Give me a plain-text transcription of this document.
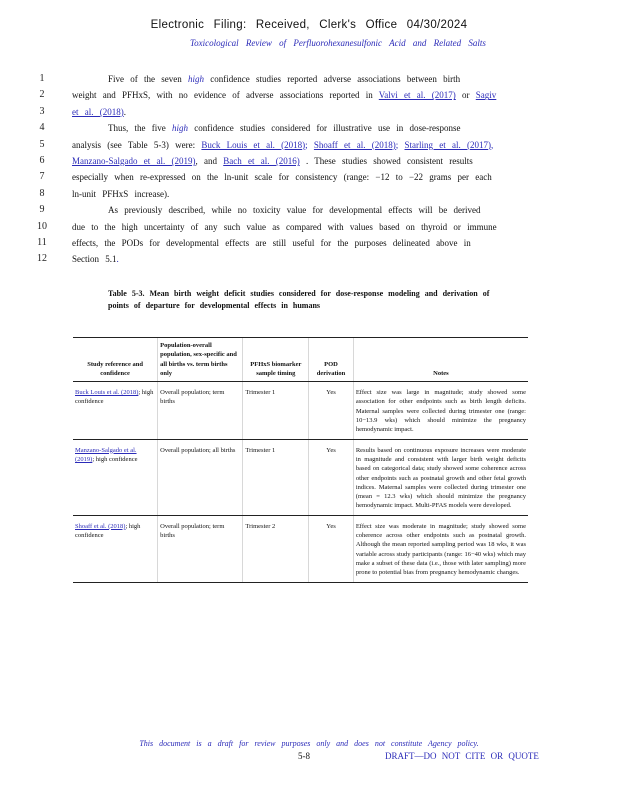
Electronic Filing: Received, Clerk's Office 04/30/2024
Toxicological Review of Perfluorohexanesulfonic Acid and Related Salts
1	Five of the seven high confidence studies reported adverse associations between birth
2	weight and PFHxS, with no evidence of adverse associations reported in Valvi et al. (2017) or Sagiv
3	et al. (2018).
4	Thus, the five high confidence studies considered for illustrative use in dose-response
5	analysis (see Table 5-3) were: Buck Louis et al. (2018); Shoaff et al. (2018); Starling et al. (2017),
6	Manzano-Salgado et al. (2019), and Bach et al. (2016) . These studies showed consistent results
7	especially when re-expressed on the ln-unit scale for consistency (range: −12 to −22 grams per each
8	ln-unit PFHxS increase).
9	As previously described, while no toxicity value for developmental effects will be derived
10	due to the high uncertainty of any such value as compared with values based on thyroid or immune
11	effects, the PODs for developmental effects are still useful for the purposes delineated above in
12	Section 5.1.
Table 5-3. Mean birth weight deficit studies considered for dose-response modeling and derivation of points of departure for developmental effects in humans
Study reference and confidence	Population-overall population, sex-specific and all births vs. term births only	PFHxS biomarker sample timing	POD derivation	Notes
Buck Louis et al. (2018); high confidence	Overall population; term births	Trimester 1	Yes	Effect size was large in magnitude; study showed some association for other endpoints such as birth length deficits. Maternal samples were collected during trimester one (range: 10−13.9 wks) which should minimize the pregnancy hemodynamic impact.
Manzano-Salgado et al. (2019); high confidence	Overall population; all births	Trimester 1	Yes	Results based on continuous exposure increases were moderate in magnitude and consistent with larger birth weight deficits based on categorical data; study showed some coherence across other endpoints such as postnatal growth and other fetal growth indices. Maternal samples were collected during trimester one (mean = 12.3 wks) which should minimize the pregnancy hemodynamic impact. Multi-PFAS models were developed.
Shoaff et al. (2018); high confidence	Overall population; term births	Trimester 2	Yes	Effect size was moderate in magnitude; study showed some coherence across other endpoints such as postnatal growth. Although the mean reported sampling period was 18 wks, it was variable across study participants (range: 16−40 wks) which may make a subset of these data (i.e., those with later sampling) more prone to potential bias from pregnancy hemodynamic changes.
This document is a draft for review purposes only and does not constitute Agency policy.
5-8	DRAFT—DO NOT CITE OR QUOTE
